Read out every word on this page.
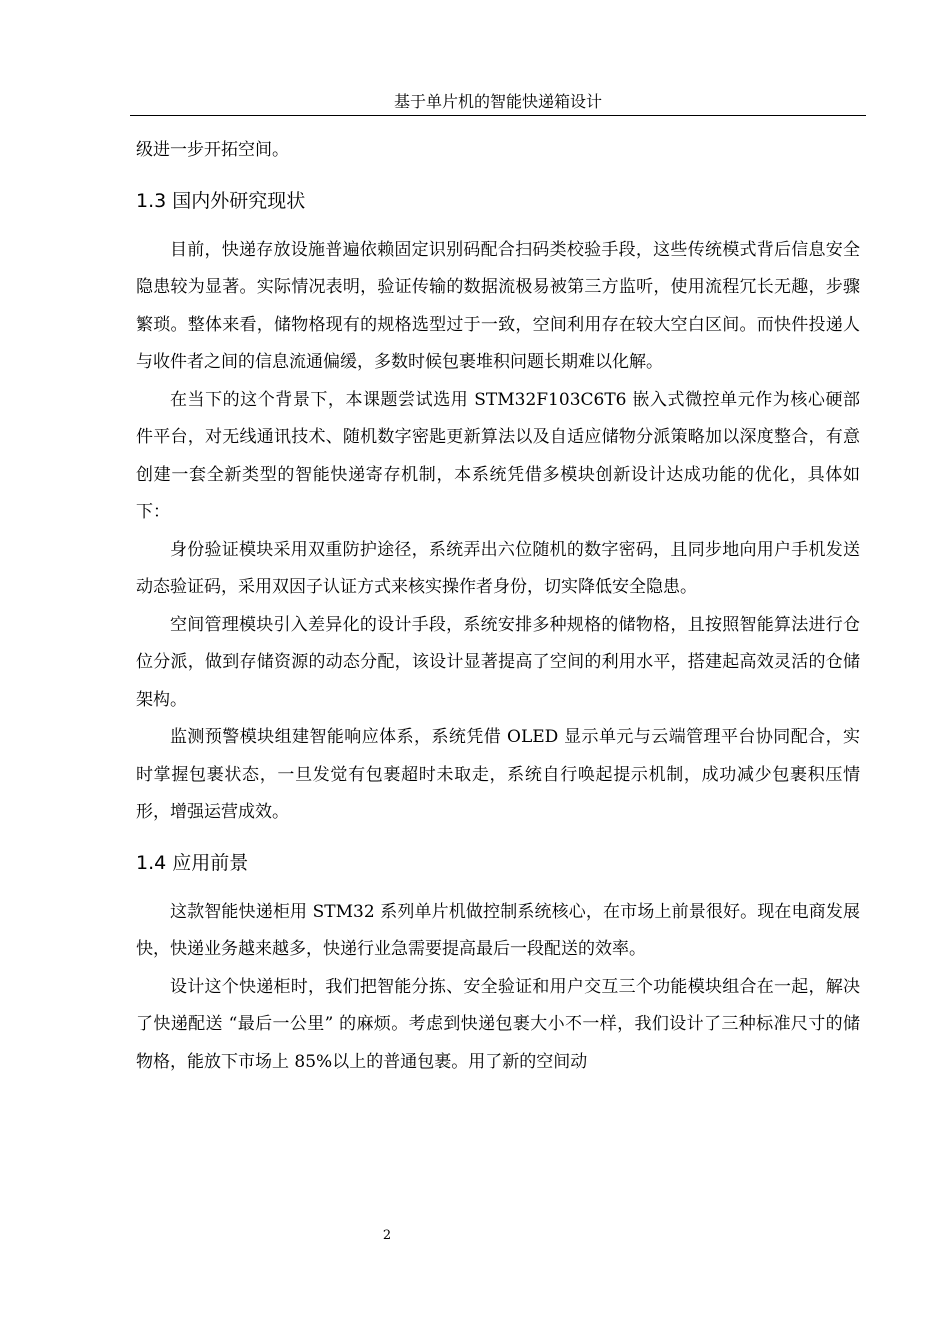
基于单片机的智能快递箱设计

级进一步开拓空间。

1.3 国内外研究现状

目前，快递存放设施普遍依赖固定识别码配合扫码类校验手段，这些传统模式背后信息安全隐患较为显著。实际情况表明，验证传输的数据流极易被第三方监听，使用流程冗长无趣，步骤繁琐。整体来看，储物格现有的规格选型过于一致，空间利用存在较大空白区间。而快件投递人与收件者之间的信息流通偏缓，多数时候包裹堆积问题长期难以化解。

在当下的这个背景下，本课题尝试选用 STM32F103C6T6 嵌入式微控单元作为核心硬部件平台，对无线通讯技术、随机数字密匙更新算法以及自适应储物分派策略加以深度整合，有意创建一套全新类型的智能快递寄存机制，本系统凭借多模块创新设计达成功能的优化，具体如下：

身份验证模块采用双重防护途径，系统弄出六位随机的数字密码，且同步地向用户手机发送动态验证码，采用双因子认证方式来核实操作者身份，切实降低安全隐患。

空间管理模块引入差异化的设计手段，系统安排多种规格的储物格，且按照智能算法进行仓位分派，做到存储资源的动态分配，该设计显著提高了空间的利用水平，搭建起高效灵活的仓储架构。

监测预警模块组建智能响应体系，系统凭借 OLED 显示单元与云端管理平台协同配合，实时掌握包裹状态，一旦发觉有包裹超时未取走，系统自行唤起提示机制，成功减少包裹积压情形，增强运营成效。

1.4 应用前景

这款智能快递柜用 STM32 系列单片机做控制系统核心，在市场上前景很好。现在电商发展快，快递业务越来越多，快递行业急需要提高最后一段配送的效率。

设计这个快递柜时，我们把智能分拣、安全验证和用户交互三个功能模块组合在一起，解决了快递配送 “最后一公里” 的麻烦。考虑到快递包裹大小不一样，我们设计了三种标准尺寸的储物格，能放下市场上 85%以上的普通包裹。用了新的空间动

2
